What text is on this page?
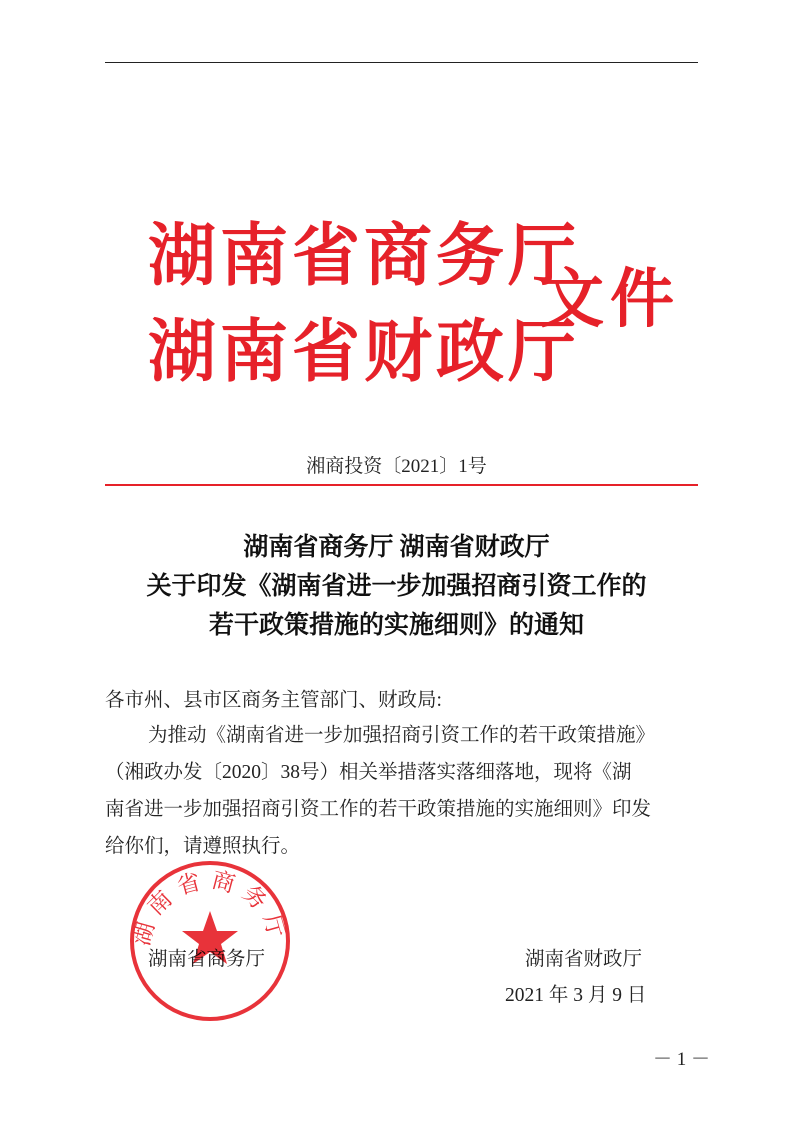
湖南省商务厅
湖南省财政厅
文件
湘商投资〔2021〕1号
湖南省商务厅 湖南省财政厅
关于印发《湖南省进一步加强招商引资工作的
若干政策措施的实施细则》的通知
各市州、县市区商务主管部门、财政局:
为推动《湖南省进一步加强招商引资工作的若干政策措施》
（湘政办发〔2020〕38号）相关举措落实落细落地，现将《湖
南省进一步加强招商引资工作的若干政策措施的实施细则》印发
给你们，请遵照执行。
湖南省商务厅	湖南省财政厅
2021 年 3 月 9 日
湖南省商务厅
－ 1 －
